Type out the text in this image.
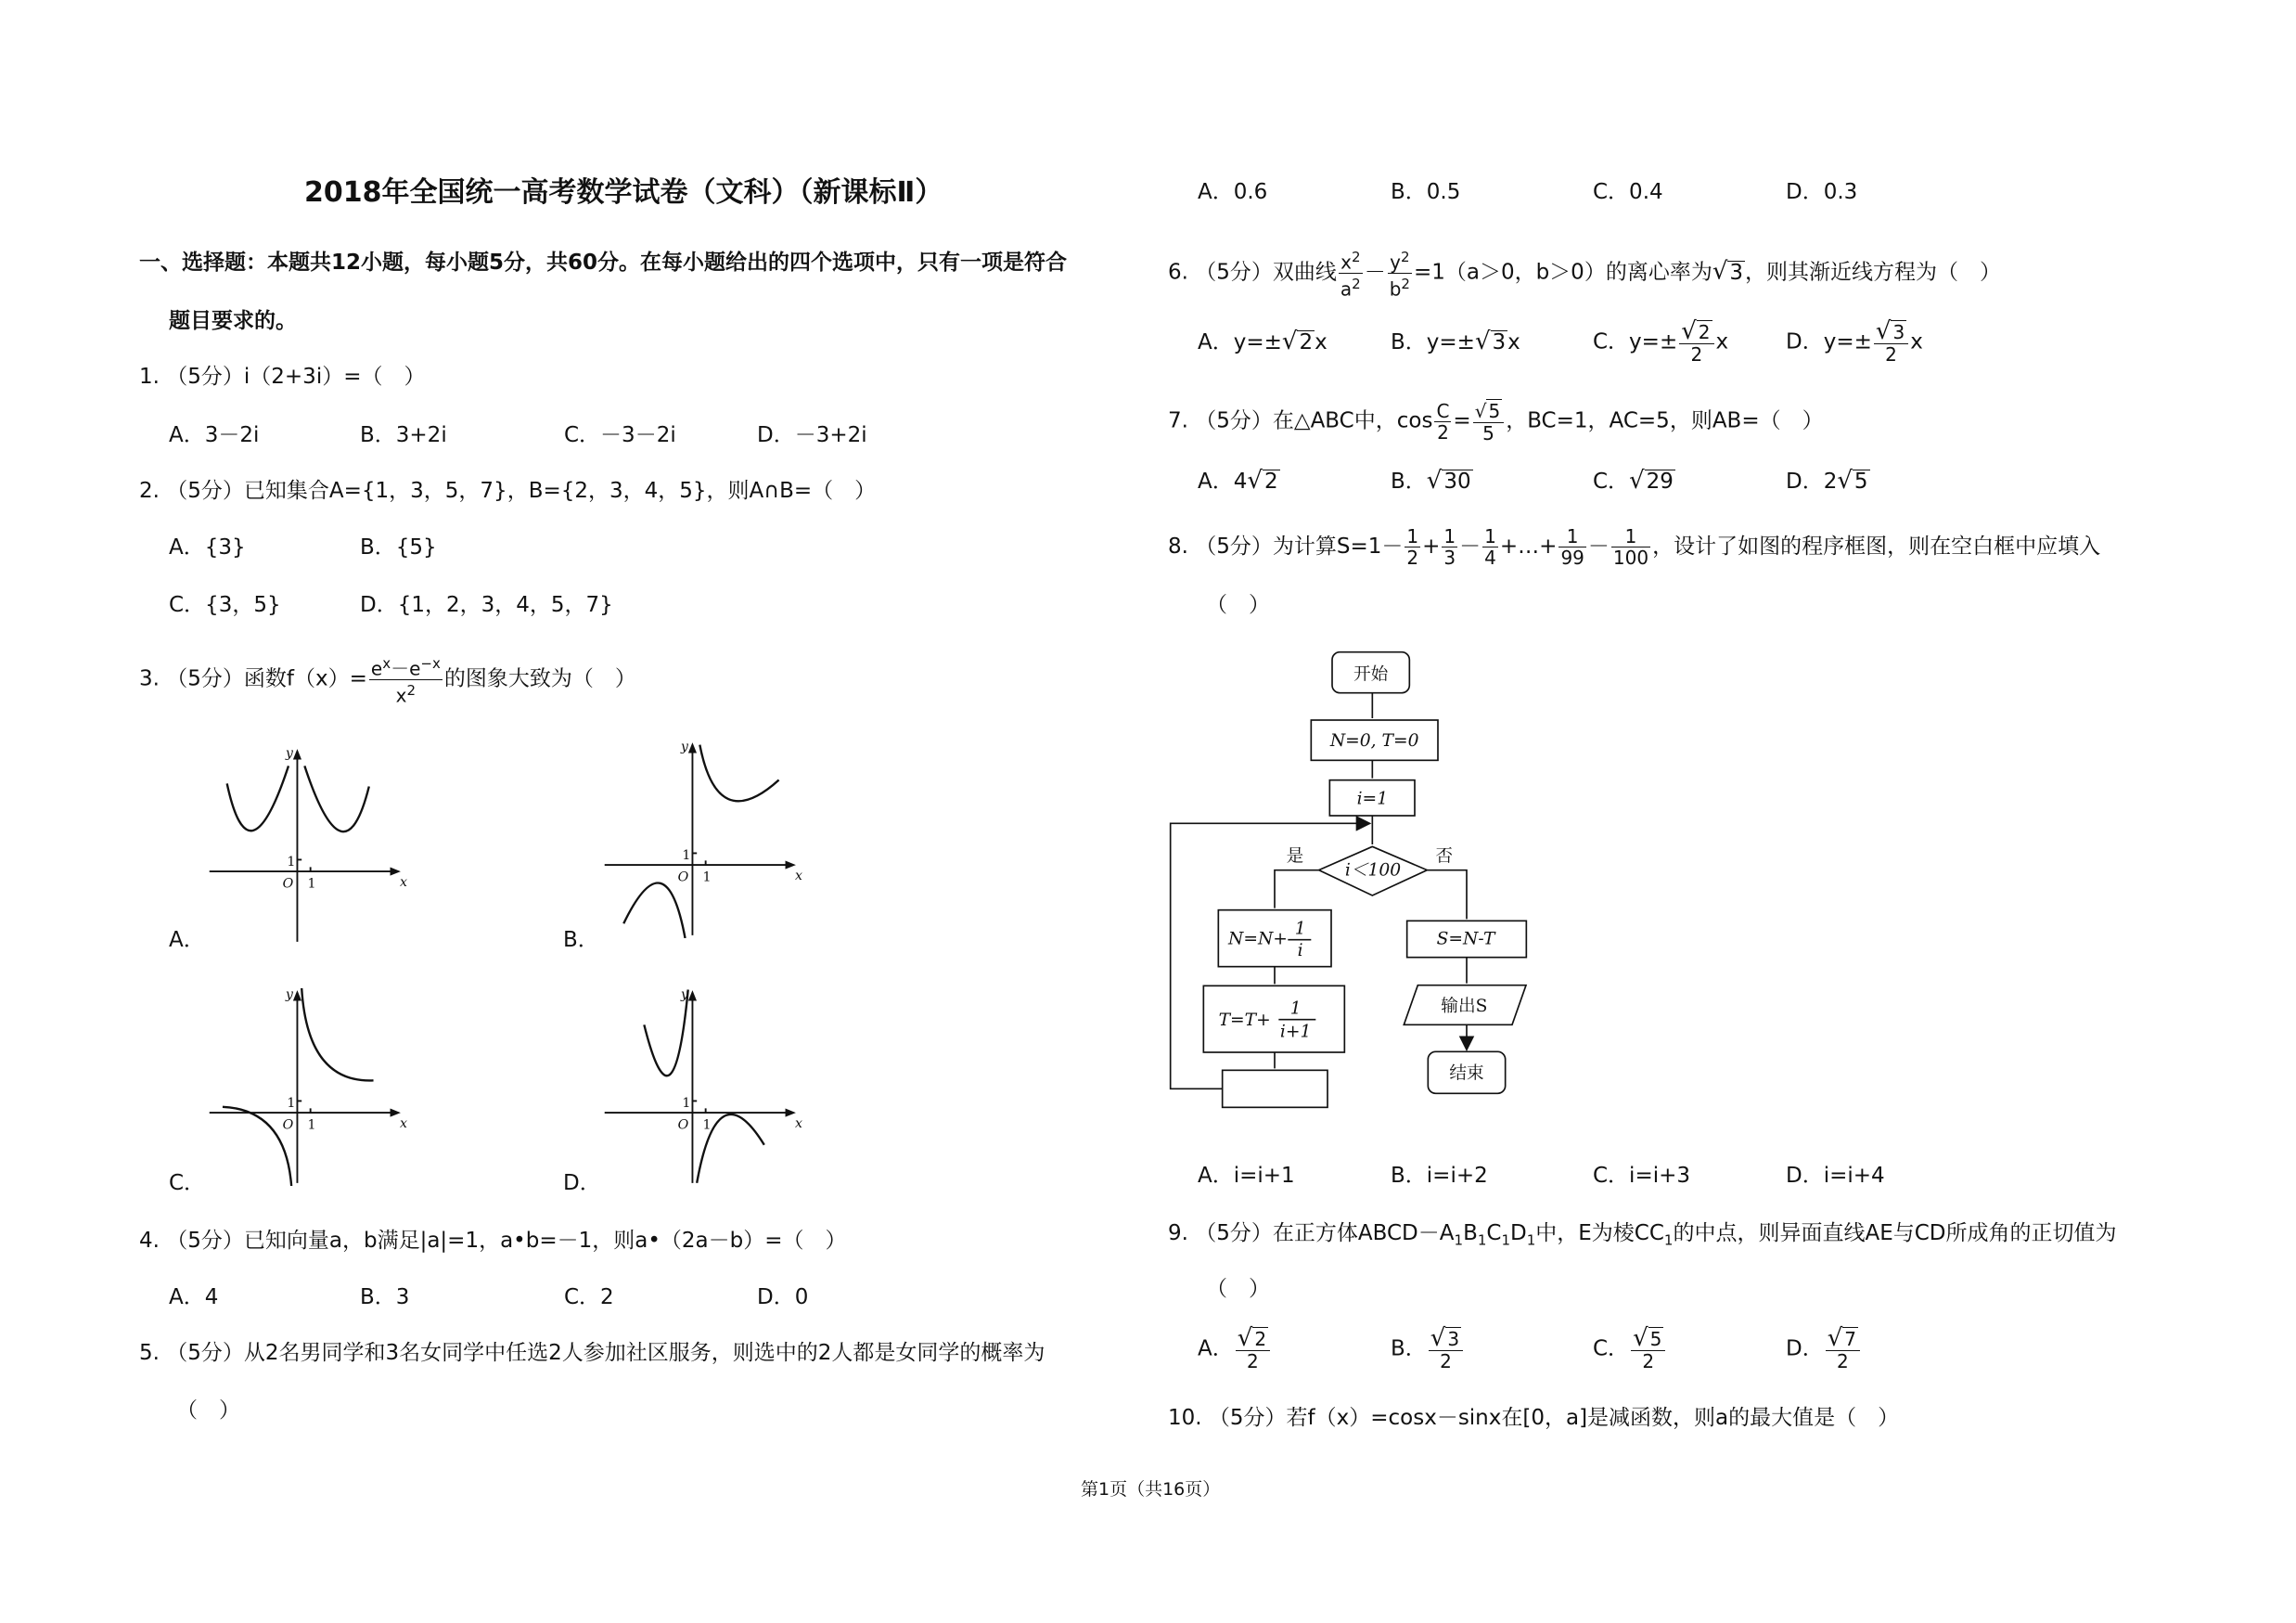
2018年全国统一高考数学试卷（文科）（新课标Ⅱ）
一、选择题：本题共12小题，每小题5分，共60分。在每小题给出的四个选项中，只有一项是符合
题目要求的。
1. （5分）i（2+3i）=（　）
A．3－2i	B．3+2i	C．－3－2i	D．－3+2i
2. （5分）已知集合A={1，3，5，7}，B={2，3，4，5}，则A∩B=（　）
A．{3}	B．{5}
C．{3，5}	D．{1，2，3，4，5，7}
3. （5分）函数$f(x)= \frac{e^x-e^{-x}}{x^2}$ 的图象大致为（　）
y
x
O
1
1
y
x
O
1
1
y
x
O
1
1
y
x
O
1
1
A．	B．
C．	D．
4. （5分）已知向量a，b满足|a|=1，a•b=－1，则a•（2a－b）=（　）
A．4	B．3	C．2	D．0
5. （5分）从2名男同学和3名女同学中任选2人参加社区服务，则选中的2人都是女同学的概率为
（　）
A．0.6	B．0.5	C．0.4	D．0.3
6. （5分）双曲线 $\frac{x^2}{a^2} - \frac{y^2}{b^2} =1(a>0$，b＞0）的离心率为√3，则其渐近线方程为（　）
A．y=±√2x	B．y=±√3x	C．$y=\pm \frac{√ 2}{2}$ x	D．$y=\pm \frac{√ 3}{2}$ x
7. （5分）在△ABC中，$\cos \frac{C}{2} = \frac{√ 5}{5}$ ，BC=1，AC=5，则AB=（　）
A．4√2	B．√30	C．√29	D．2√5
8. （5分）为计算$S=1- \frac{1}{2} + \frac{1}{3} - \frac{1}{4}$ +…+ $\frac{1}{99} - \frac{1}{100}$ ，设计了如图的程序框图，则在空白框中应填入
（　）
开始
N=0, T=0
i=1
i＜100
是	否
N=N+
1
i
T=T+
1
i+1
S=N-T
输出S
结束
A．i=i+1	B．i=i+2	C．i=i+3	D．i=i+4
9. （5分）在正方体$ABCD-A_1B_1C_1D_1$中，E为棱$CC_1$的中点，则异面直线AE与CD所成角的正切值为
（　）
A． $\frac{√ 2}{2}$	B． $\frac{√ 3}{2}$	C． $\frac{√ 5}{2}$	D． $\frac{√ 7}{2}$
10. （5分）若f（x）=cosx－sinx在[0，a]是减函数，则a的最大值是（　）
第1页（共16页）
